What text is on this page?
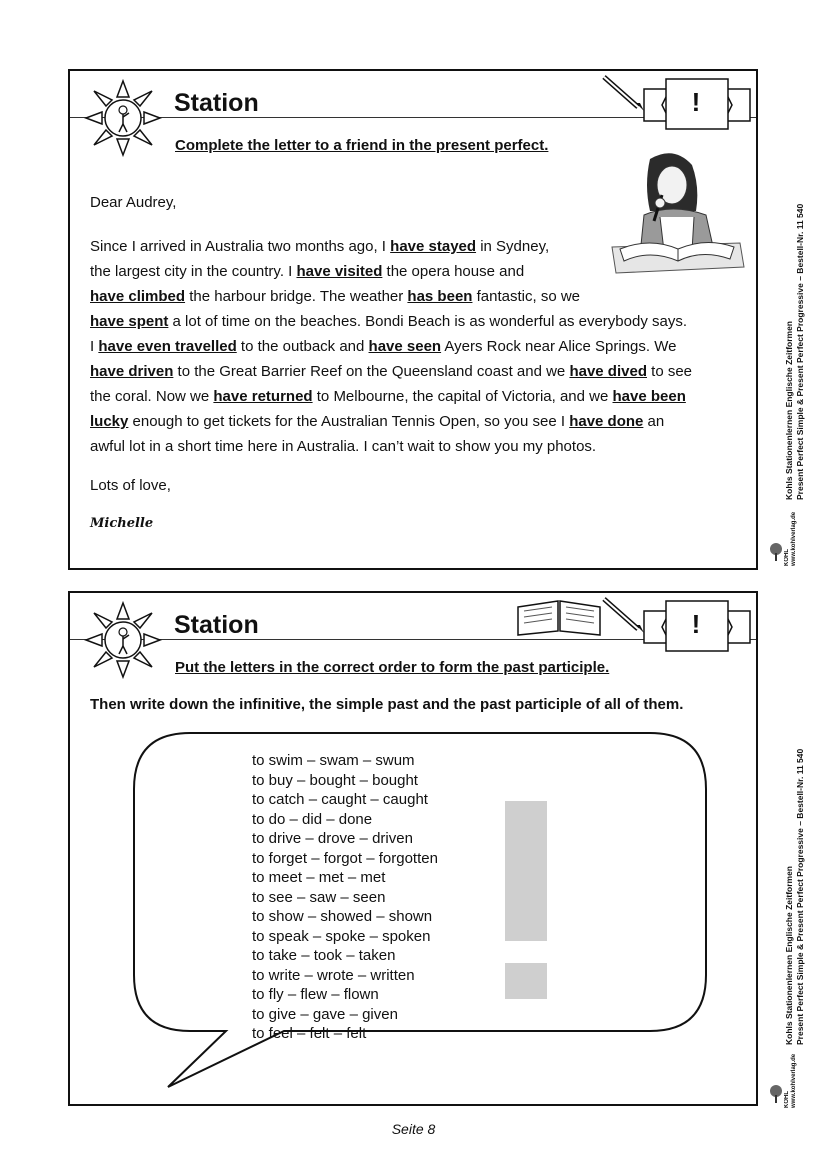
Station	!
Complete the letter to a friend in the present perfect.
Dear Audrey,

Since I arrived in Australia two months ago, I have stayed in Sydney,
the largest city in the country. I have visited the opera house and
have climbed the harbour bridge. The weather has been fantastic, so we
have spent a lot of time on the beaches. Bondi Beach is as wonderful as everybody says.
I have even travelled to the outback and have seen Ayers Rock near Alice Springs. We
have driven to the Great Barrier Reef on the Queensland coast and we have dived to see
the coral. Now we have returned to Melbourne, the capital of Victoria, and we have been
lucky enough to get tickets for the Australian Tennis Open, so you see I have done an
awful lot in a short time here in Australia. I can’t wait to show you my photos.

Lots of love,
Michelle
Station	!
Put the letters in the correct order to form the past participle.
Then write down the infinitive, the simple past and the past participle of all of them.
to swim – swam – swum
to buy – bought – bought
to catch – caught – caught
to do – did – done
to drive – drove – driven
to forget – forgot – forgotten
to meet – met – met
to see – saw – seen
to show – showed – shown
to speak – spoke – spoken
to take – took – taken
to write – wrote – written
to fly – flew – flown
to give – gave – given
to feel – felt – felt
Kohls Stationenlernen Englische Zeitformen Present Perfect Simple & Present Perfect Progressive – Bestell-Nr. 11 540
Kohls Stationenlernen Englische Zeitformen Present Perfect Simple & Present Perfect Progressive – Bestell-Nr. 11 540
KOHL www.kohlverlag.de
KOHL www.kohlverlag.de
Seite 8
